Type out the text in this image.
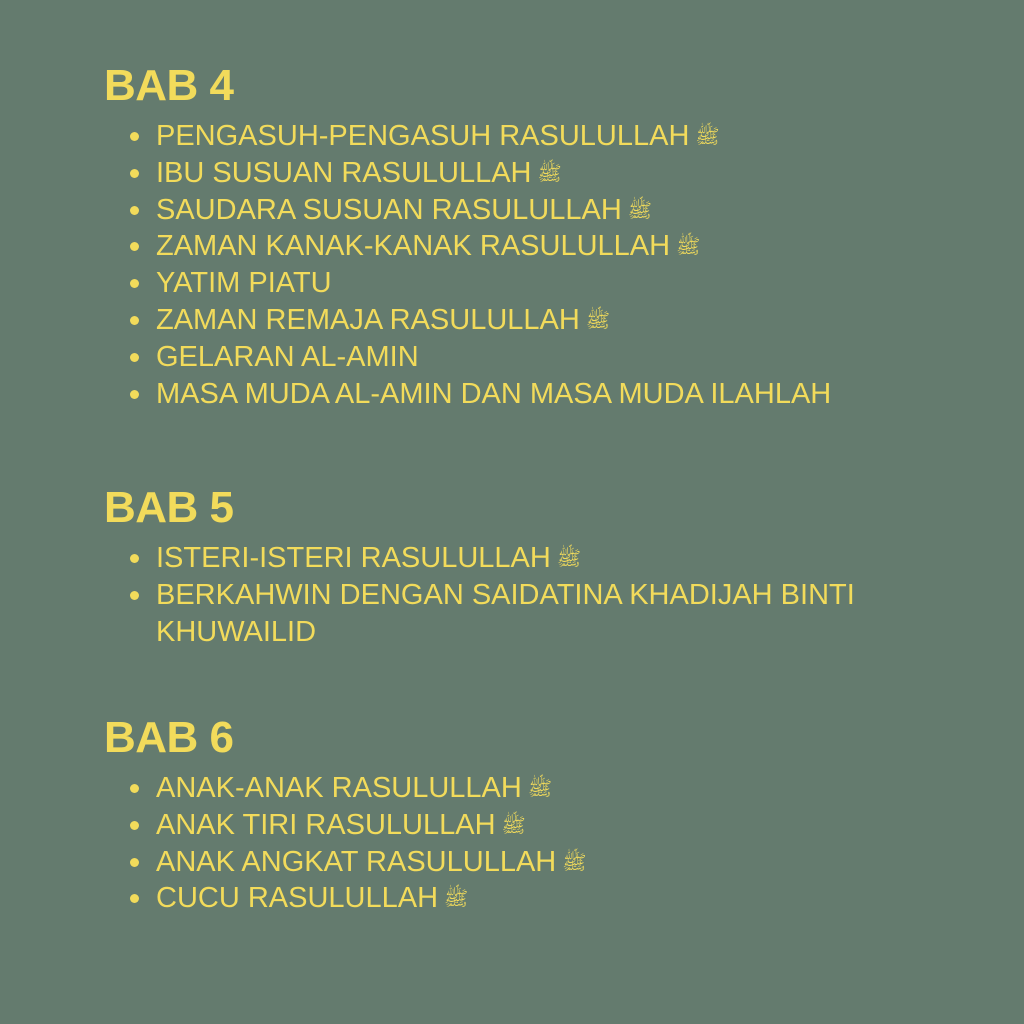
BAB 4
PENGASUH-PENGASUH RASULULLAH ﷺ
IBU SUSUAN RASULULLAH ﷺ
SAUDARA SUSUAN RASULULLAH ﷺ
ZAMAN KANAK-KANAK RASULULLAH ﷺ
YATIM PIATU
ZAMAN REMAJA RASULULLAH ﷺ
GELARAN AL-AMIN
MASA MUDA AL-AMIN DAN MASA MUDA ILAHLAH
BAB 5
ISTERI-ISTERI RASULULLAH ﷺ
BERKAHWIN DENGAN SAIDATINA KHADIJAH BINTI KHUWAILID
BAB 6
ANAK-ANAK RASULULLAH ﷺ
ANAK TIRI RASULULLAH ﷺ
ANAK ANGKAT RASULULLAH ﷺ
CUCU RASULULLAH ﷺ
